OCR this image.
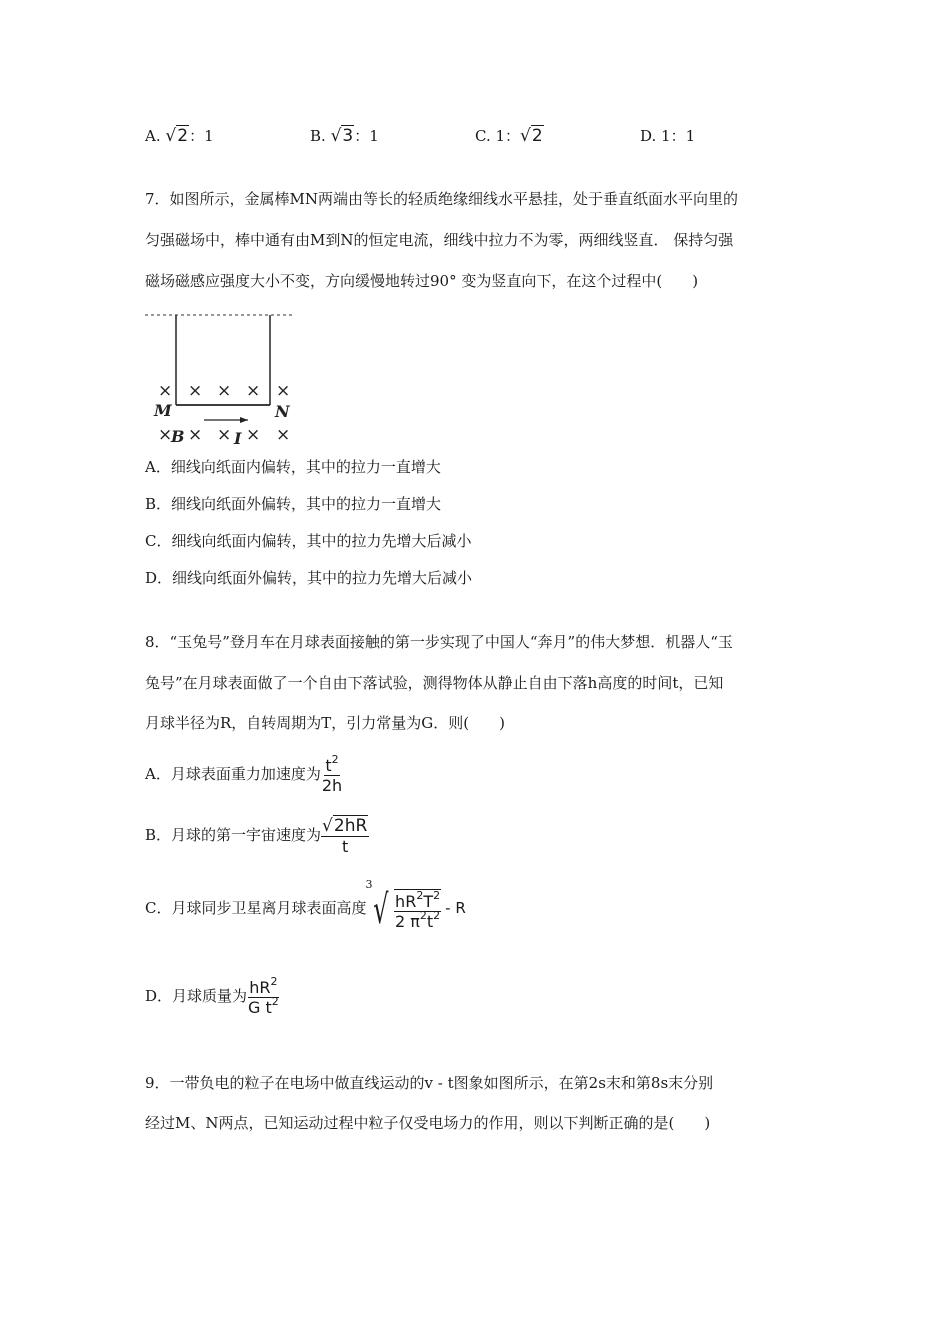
A. √2：1	B. √3：1	C. 1：√2	D. 1：1
7．如图所示，金属棒MN两端由等长的轻质绝缘细线水平悬挂，处于垂直纸面水平向里的
匀强磁场中，棒中通有由M到N的恒定电流，细线中拉力不为零，两细线竖直． 保持匀强
磁场磁感应强度大小不变，方向缓慢地转过90° 变为竖直向下，在这个过程中(　　)
× × × × ×
× × × × ×
M	N
B	I
A．细线向纸面内偏转，其中的拉力一直增大
B．细线向纸面外偏转，其中的拉力一直增大
C．细线向纸面内偏转，其中的拉力先增大后减小
D．细线向纸面外偏转，其中的拉力先增大后减小
8．“玉兔号”登月车在月球表面接触的第一步实现了中国人“奔月”的伟大梦想．机器人“玉
兔号”在月球表面做了一个自由下落试验，测得物体从静止自由下落h高度的时间t，已知
月球半径为R，自转周期为T，引力常量为G．则(　　)
A．月球表面重力加速度为 $\frac{t^2}{2h}$
B．月球的第一宇宙速度为 $\frac{√2hR}{t}$
C．月球同步卫星离月球表面高度
3
√ $\frac{hR^2T^2}{2 \pi^2t^2}$ - R
D．月球质量为 $\frac{hR^2}{G t^2}$
9．一带负电的粒子在电场中做直线运动的v - t图象如图所示，在第2s末和第8s末分别
经过M、N两点，已知运动过程中粒子仅受电场力的作用，则以下判断正确的是(　　)
